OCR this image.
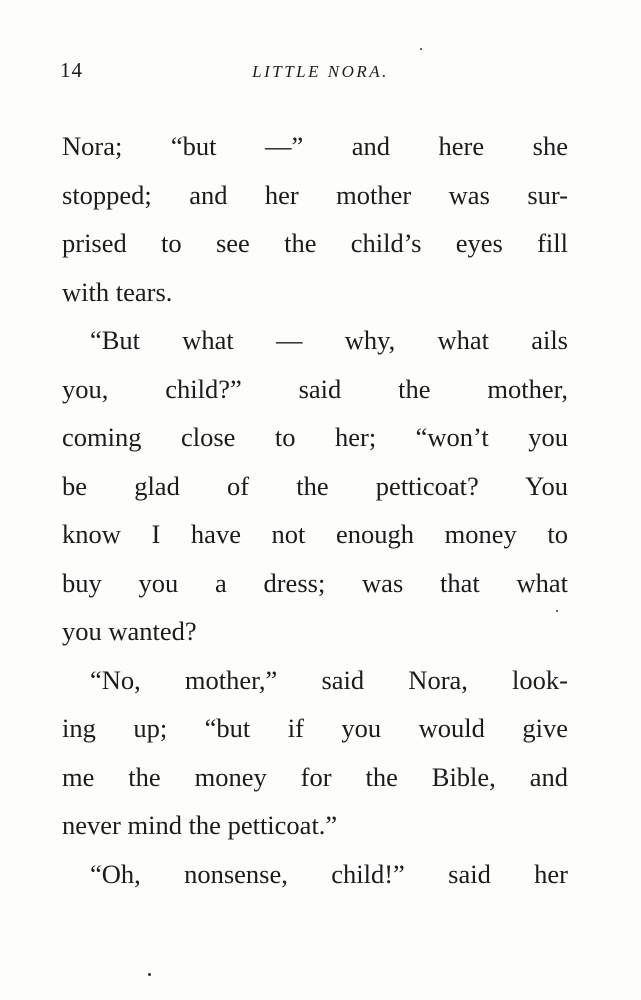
14	LITTLE NORA.
Nora; “but —” and here she
stopped; and her mother was sur-
prised to see the child’s eyes fill
with tears.
“But what — why, what ails
you, child?” said the mother,
coming close to her; “won’t you
be glad of the petticoat? You
know I have not enough money to
buy you a dress; was that what
you wanted?
“No, mother,” said Nora, look-
ing up; “but if you would give
me the money for the Bible, and
never mind the petticoat.”
“Oh, nonsense, child!” said her
